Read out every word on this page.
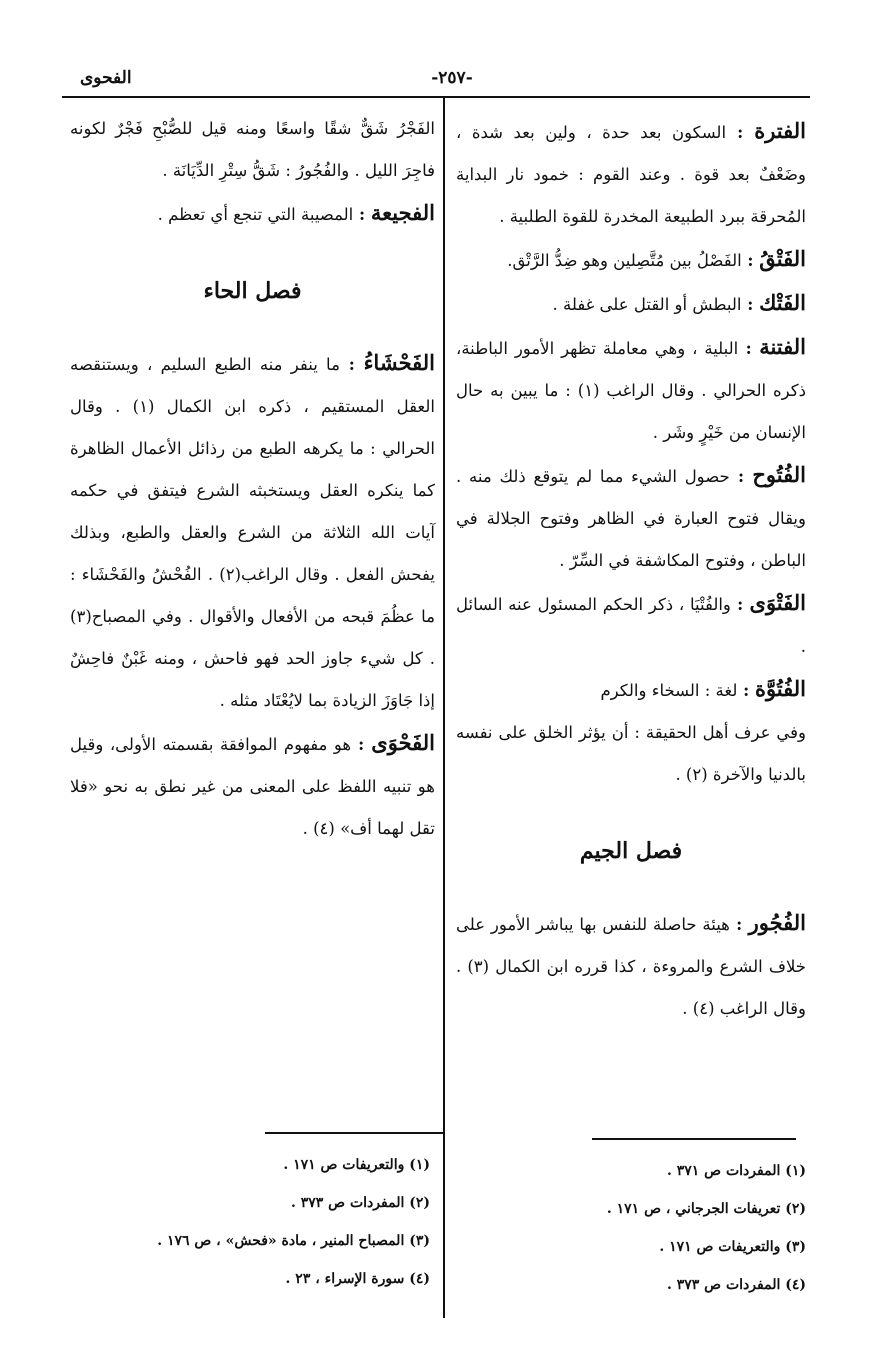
الفحوى	-٢٥٧-

الفترة : السكون بعد حدة ، ولين بعد شدة ، وضَعْفٌ بعد قوة . وعند القوم : خمود نار البداية المُحرقة ببرد الطبيعة المخدرة للقوة الطلبية .

الفَتْقُ : الفَصْلُ بين مُتَّصِلين وهو ضِدُّ الرَّتْق.

الفَتْك : البطش أو القتل على غفلة .

الفتنة : البلية ، وهي معاملة تظهر الأمور الباطنة، ذكره الحرالي . وقال الراغب (١) : ما يبين به حال الإنسان من خَيْرٍ وشَر .

الفُتُوح : حصول الشيء مما لم يتوقع ذلك منه . ويقال فتوح العبارة في الظاهر وفتوح الجلالة في الباطن ، وفتوح المكاشفة في السِّرّ .

الفَتْوَى : والفُتْيَا ، ذكر الحكم المسئول عنه السائل .

الفُتُوَّة : لغة : السخاء والكرم

وفي عرف أهل الحقيقة : أن يؤثر الخلق على نفسه بالدنيا والآخرة (٢) .

فصل الجيم

الفُجُور : هيئة حاصلة للنفس بها يباشر الأمور على خلاف الشرع والمروءة ، كذا قرره ابن الكمال (٣) . وقال الراغب (٤) .

الفَجْرُ شَقٌّ شقًا واسعًا ومنه قيل للصُّبْحِ فَجْرٌ لكونه فاجِرَ الليل . والفُجُورُ : شَقُّ سِتْرِ الدِّيَانَة .

الفجيعة : المصيبة التي تنجع أي تعظم .

فصل الحاء

الفَحْشَاءُ : ما ينفر منه الطبع السليم ، ويستنقصه العقل المستقيم ، ذكره ابن الكمال (١) . وقال الحرالي : ما يكرهه الطبع من رذائل الأعمال الظاهرة كما ينكره العقل ويستخبثه الشرع فيتفق في حكمه آيات الله الثلاثة من الشرع والعقل والطبع، وبذلك يفحش الفعل . وقال الراغب(٢) . الفُحْشُ والفَحْشَاء : ما عظُمَ قبحه من الأفعال والأقوال . وفي المصباح(٣) . كل شيء جاوز الحد فهو فاحش ، ومنه غَبْنٌ فاحِشٌ إذا جَاوَزَ الزيادة بما لايُعْتَاد مثله .

الفَحْوَى : هو مفهوم الموافقة بقسمته الأولى، وقيل هو تنبيه اللفظ على المعنى من غير نطق به نحو «فلا تقل لهما أف» (٤) .

(١) المفردات ص ٣٧١ .
(٢) تعريفات الجرجاني ، ص ١٧١ .
(٣) والتعريفات ص ١٧١ .
(٤) المفردات ص ٣٧٣ .
(١) والتعريفات ص ١٧١ .
(٢) المفردات ص ٣٧٣ .
(٣) المصباح المنير ، مادة «فحش» ، ص ١٧٦ .
(٤) سورة الإسراء ، ٢٣ .
